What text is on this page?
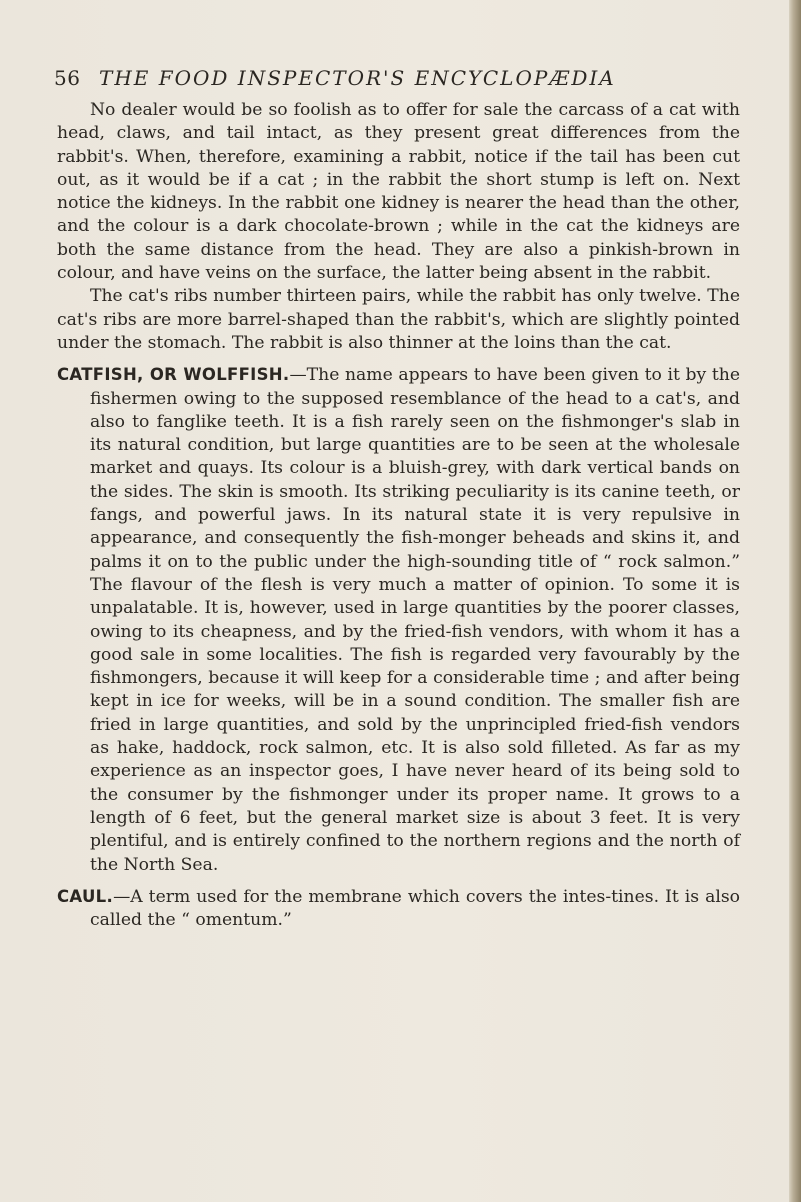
56 THE FOOD INSPECTOR'S ENCYCLOPÆDIA

No dealer would be so foolish as to offer for sale the carcass of a cat with head, claws, and tail intact, as they present great differences from the rabbit's. When, therefore, examining a rabbit, notice if the tail has been cut out, as it would be if a cat ; in the rabbit the short stump is left on. Next notice the kidneys. In the rabbit one kidney is nearer the head than the other, and the colour is a dark chocolate-brown ; while in the cat the kidneys are both the same distance from the head. They are also a pinkish-brown in colour, and have veins on the surface, the latter being absent in the rabbit.

The cat's ribs number thirteen pairs, while the rabbit has only twelve. The cat's ribs are more barrel-shaped than the rabbit's, which are slightly pointed under the stomach. The rabbit is also thinner at the loins than the cat.

CATFISH, OR WOLFFISH.—The name appears to have been given to it by the fishermen owing to the supposed resemblance of the head to a cat's, and also to fanglike teeth. It is a fish rarely seen on the fishmonger's slab in its natural condition, but large quantities are to be seen at the wholesale market and quays. Its colour is a bluish-grey, with dark vertical bands on the sides. The skin is smooth. Its striking peculiarity is its canine teeth, or fangs, and powerful jaws. In its natural state it is very repulsive in appearance, and consequently the fish-monger beheads and skins it, and palms it on to the public under the high-sounding title of “ rock salmon.” The flavour of the flesh is very much a matter of opinion. To some it is unpalatable. It is, however, used in large quantities by the poorer classes, owing to its cheapness, and by the fried-fish vendors, with whom it has a good sale in some localities. The fish is regarded very favourably by the fishmongers, because it will keep for a considerable time ; and after being kept in ice for weeks, will be in a sound condition. The smaller fish are fried in large quantities, and sold by the unprincipled fried-fish vendors as hake, haddock, rock salmon, etc. It is also sold filleted. As far as my experience as an inspector goes, I have never heard of its being sold to the consumer by the fishmonger under its proper name. It grows to a length of 6 feet, but the general market size is about 3 feet. It is very plentiful, and is entirely confined to the northern regions and the north of the North Sea.

CAUL.—A term used for the membrane which covers the intes-tines. It is also called the “ omentum.”
